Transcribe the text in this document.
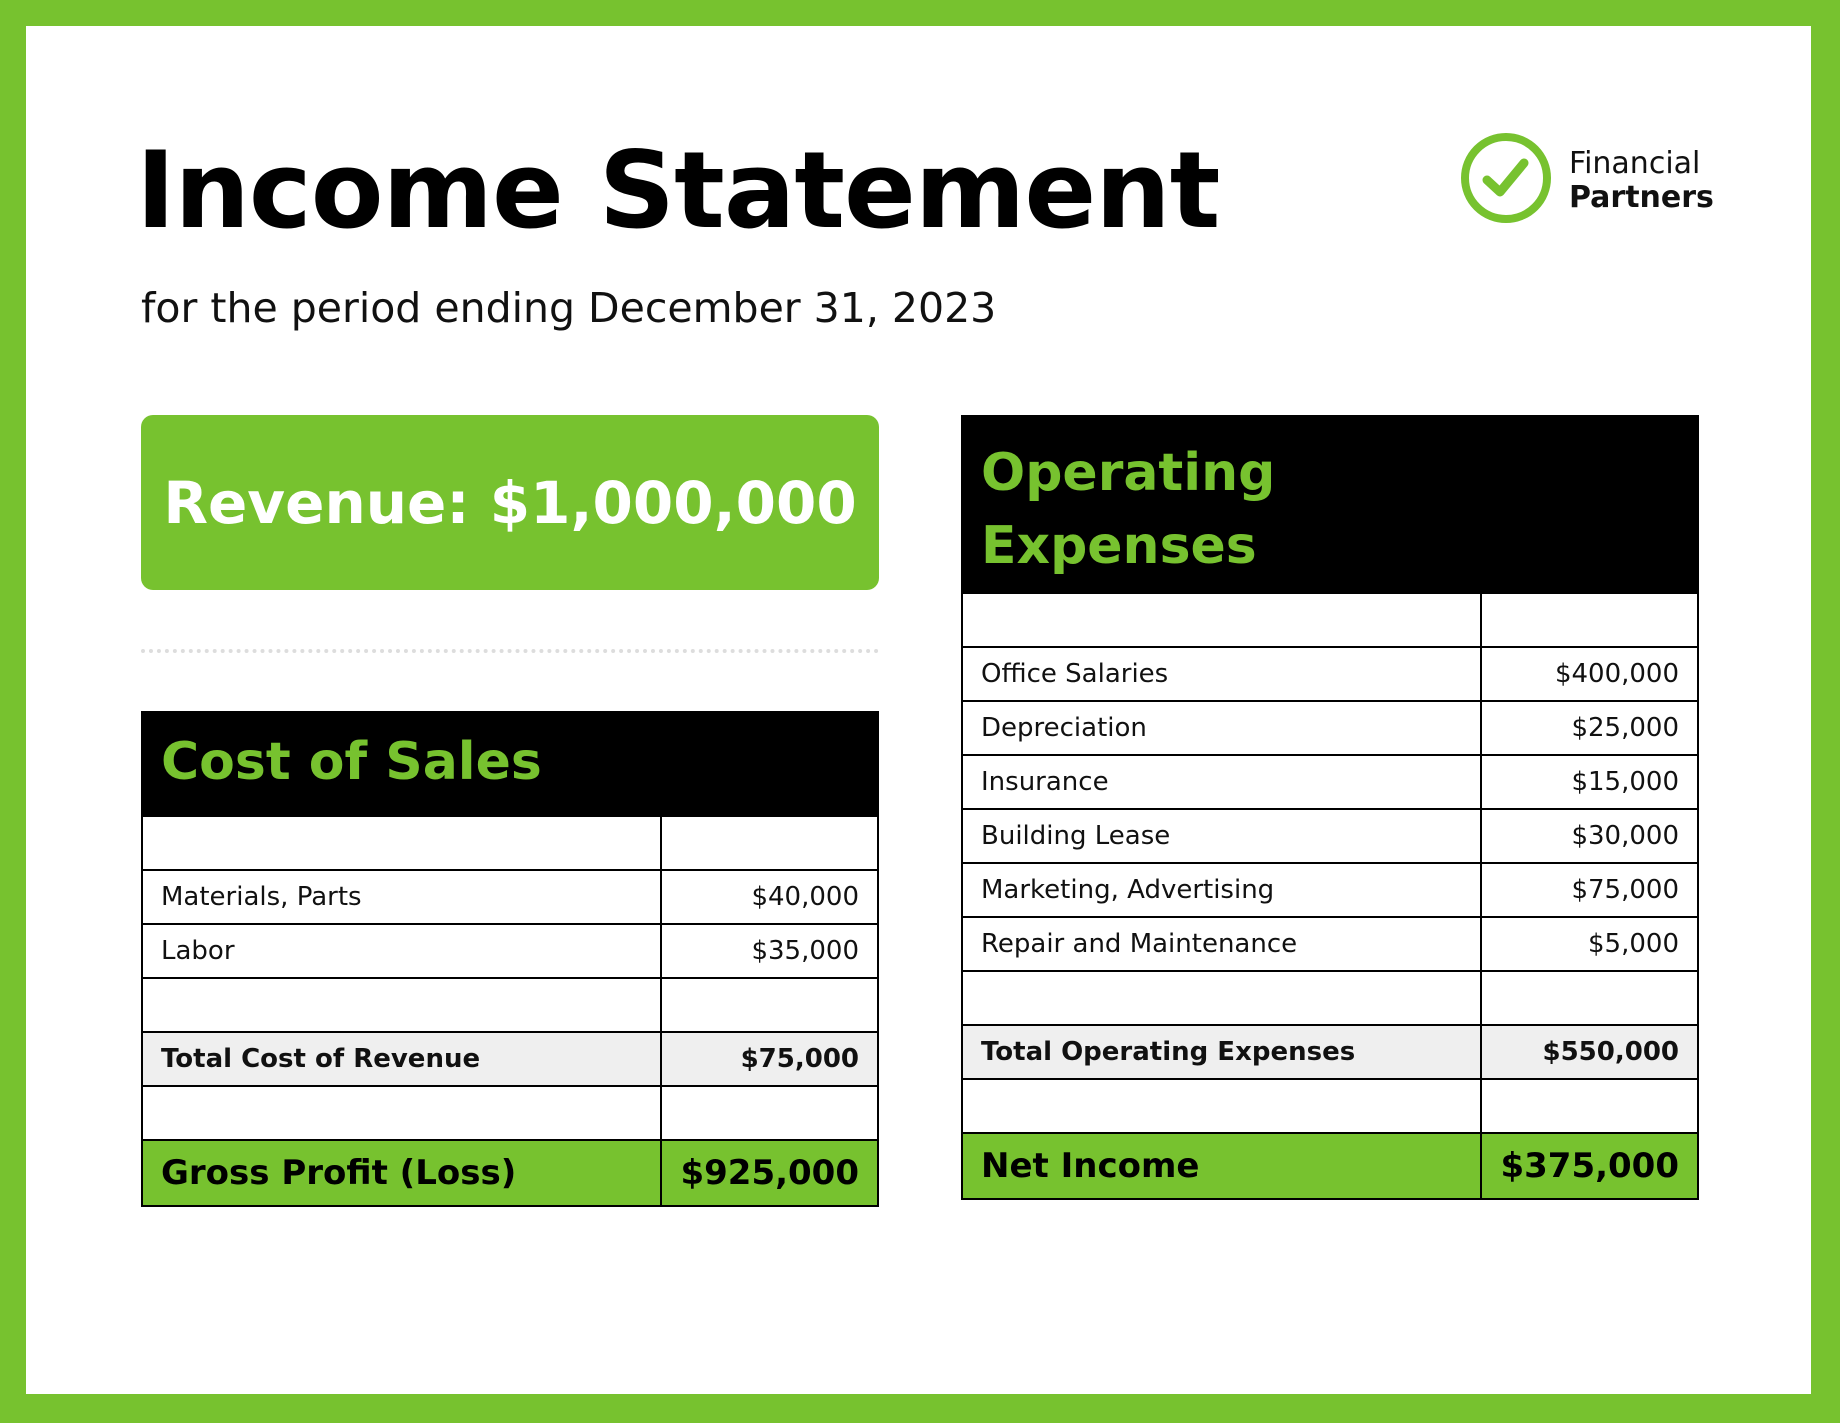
Income Statement
for the period ending December 31, 2023
Financial
Partners
Revenue: $1,000,000
Cost of Sales

Materials, Parts	$40,000
Labor	$35,000

Total Cost of Revenue	$75,000

Gross Profit (Loss)	$925,000
Operating
Expenses

Office Salaries	$400,000
Depreciation	$25,000
Insurance	$15,000
Building Lease	$30,000
Marketing, Advertising	$75,000
Repair and Maintenance	$5,000

Total Operating Expenses	$550,000

Net Income	$375,000
